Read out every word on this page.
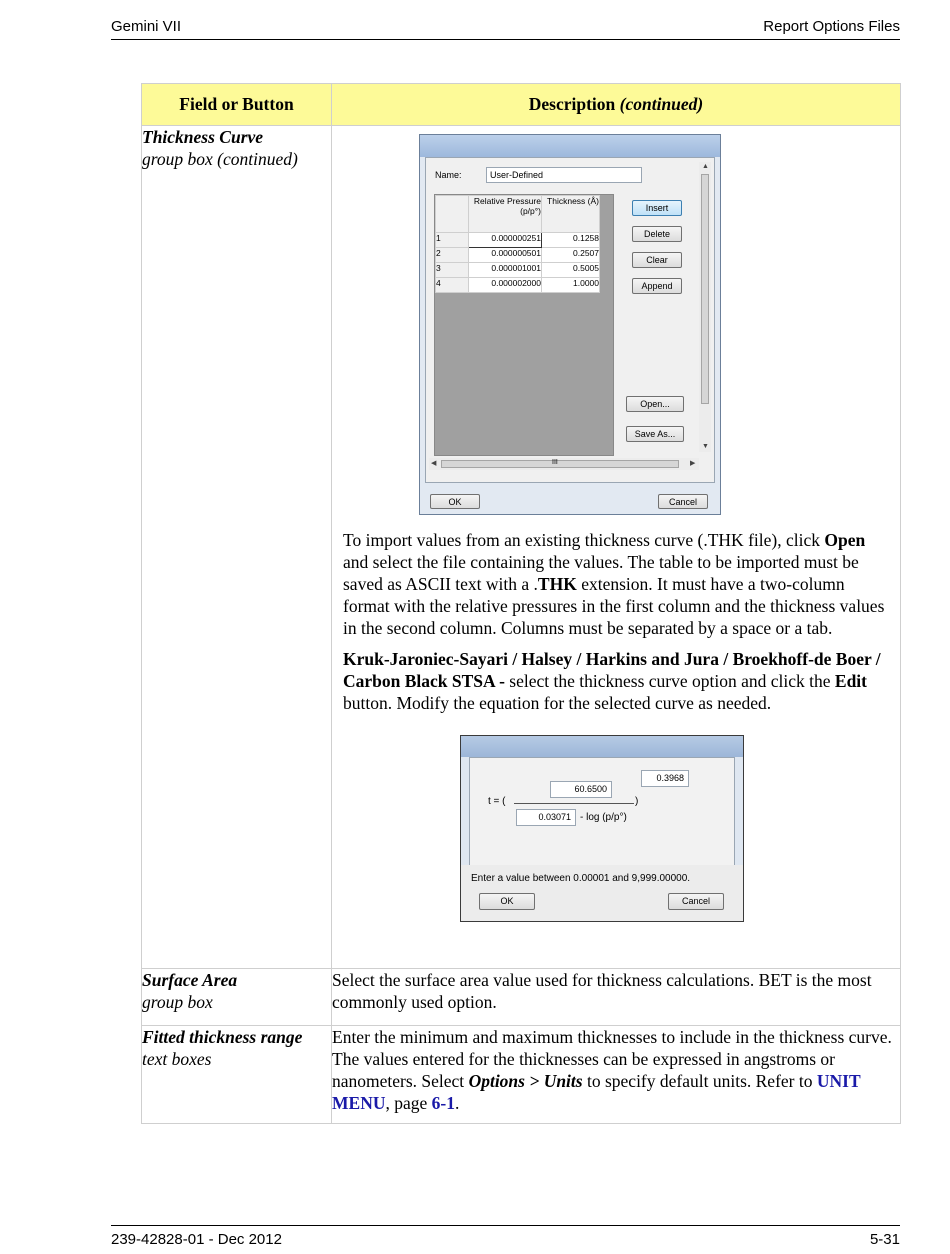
Gemini VII	Report Options Files
Field or Button	Description (continued)

Thickness Curve
group box (continued)

Name:	User-Defined
	Relative Pressure (p/p°)	Thickness (Å)
1	0.000000251	0.1258
2	0.000000501	0.2507
3	0.000001001	0.5005
4	0.000002000	1.0000
Insert
Delete
Clear
Append
Open...
Save As...
▲
▼
◀	III	▶
OK	Cancel

To import values from an existing thickness curve (.THK file), click Open and select the file containing the values. The table to be imported must be saved as ASCII text with a .THK extension. It must have a two-column format with the relative pressures in the first column and the thickness values in the second column. Columns must be separated by a space or a tab.

Kruk-Jaroniec-Sayari / Halsey / Harkins and Jura / Broekhoff-de Boer / Carbon Black STSA - select the thickness curve option and click the Edit button. Modify the equation for the selected curve as needed.

60.6500
0.3968
t = (	)
0.03071 - log (p/p°)
Enter a value between 0.00001 and 9,999.00000.
OK	Cancel

Surface Area
group box
	Select the surface area value used for thickness calculations. BET is the most commonly used option.

Fitted thickness range
text boxes
	Enter the minimum and maximum thicknesses to include in the thickness curve. The values entered for the thicknesses can be expressed in angstroms or nanometers. Select Options > Units to specify default units. Refer to UNIT MENU, page 6-1.
239-42828-01 - Dec 2012	5-31
